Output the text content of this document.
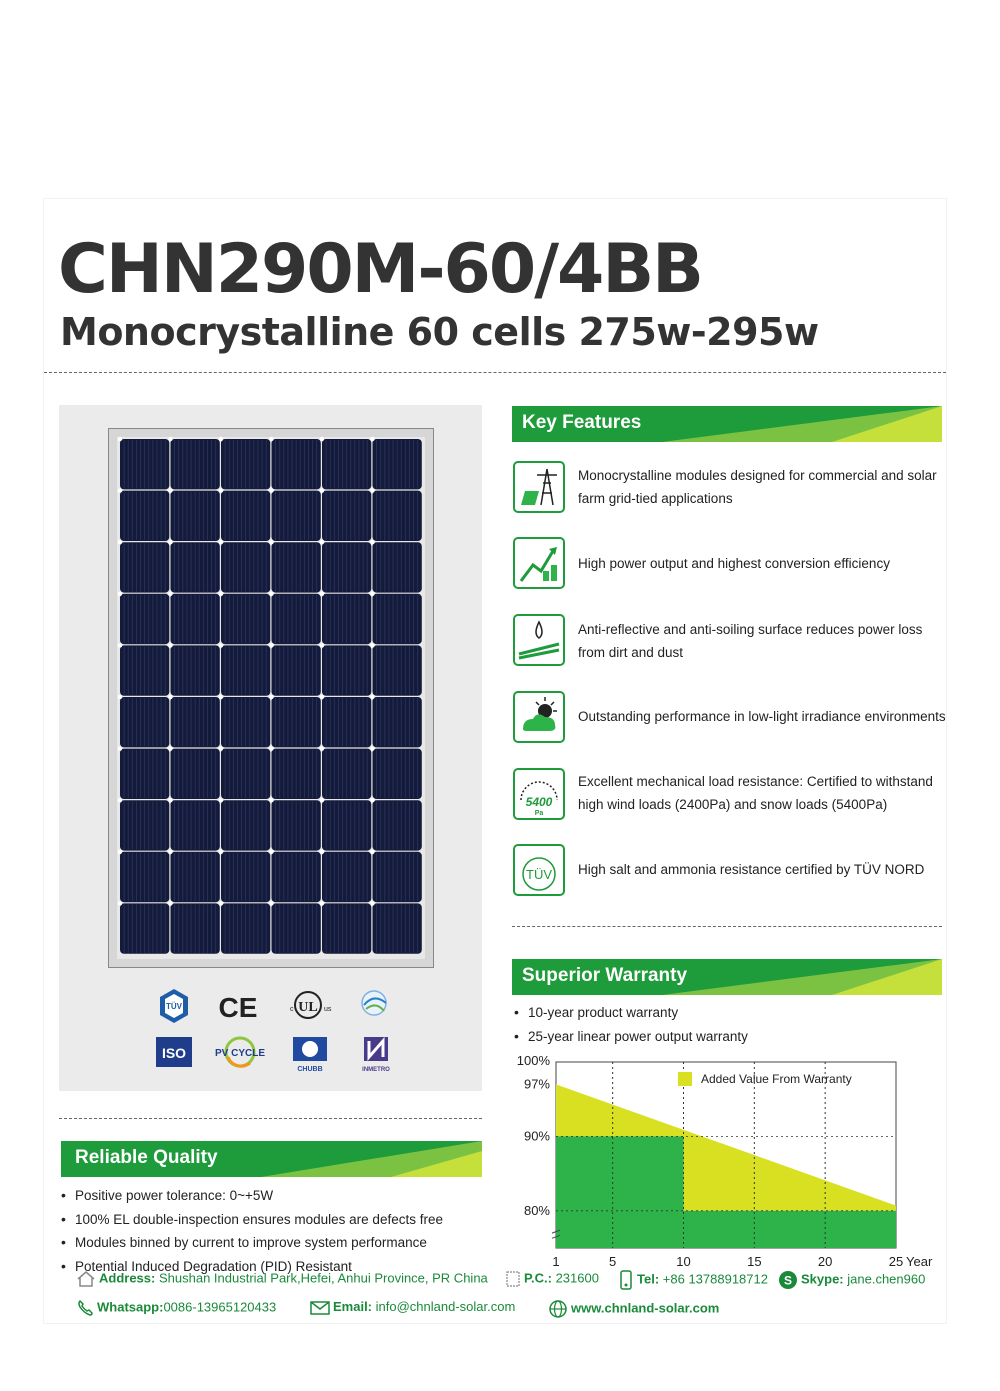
CHN290M-60/4BB
Monocrystalline 60 cells 275w-295w
TÜV CE	UL
c	us
ISO	PV CYCLE
CHUBB	INMETRO
Reliable Quality
• Positive power tolerance: 0~+5W
• 100% EL double-inspection ensures modules are defects free
• Modules binned by current to improve system performance
• Potential Induced Degradation (PID) Resistant
Key Features
Monocrystalline modules designed for commercial and solar farm grid-tied applications
High power output and highest conversion efficiency
Anti-reflective and anti-soiling surface reduces power loss from dirt and dust
Outstanding performance in low-light irradiance environments
5400
Pa
Excellent mechanical load resistance: Certified to withstand high wind loads (2400Pa) and snow loads (5400Pa)
TÜV High salt and ammonia resistance certified by TÜV NORD
Superior Warranty
• 10-year product warranty
• 25-year linear power output warranty
100%
97%
90%
80%
1	5	10	15	20	25 Year
Added Value From Warranty
Address: Shushan Industrial Park,Hefei, Anhui Province, PR China	P.C.: 231600	Tel: +86 13788918712 S Skype: jane.chen960
Whatsapp:0086-13965120433	Email: info@chnland-solar.com	www.chnland-solar.com
